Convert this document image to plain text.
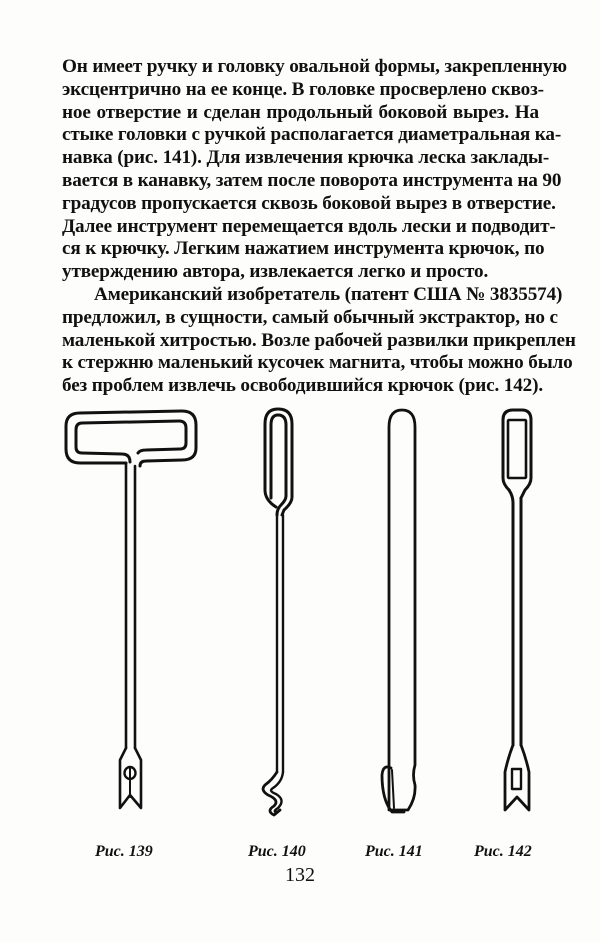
Он имеет ручку и головку овальной формы, закрепленную
эксцентрично на ее конце. В головке просверлено сквоз-
ное отверстие и сделан продольный боковой вырез. На
стыке головки с ручкой располагается диаметральная ка-
навка (рис. 141). Для извлечения крючка леска заклады-
вается в канавку, затем после поворота инструмента на 90
градусов пропускается сквозь боковой вырез в отверстие.
Далее инструмент перемещается вдоль лески и подводит-
ся к крючку. Легким нажатием инструмента крючок, по
утверждению автора, извлекается легко и просто.
Американский изобретатель (патент США № 3835574)
предложил, в сущности, самый обычный экстрактор, но с
маленькой хитростью. Возле рабочей развилки прикреплен
к стержню маленький кусочек магнита, чтобы можно было
без проблем извлечь освободившийся крючок (рис. 142).
Рис. 139	Рис. 140	Рис. 141	Рис. 142
132
